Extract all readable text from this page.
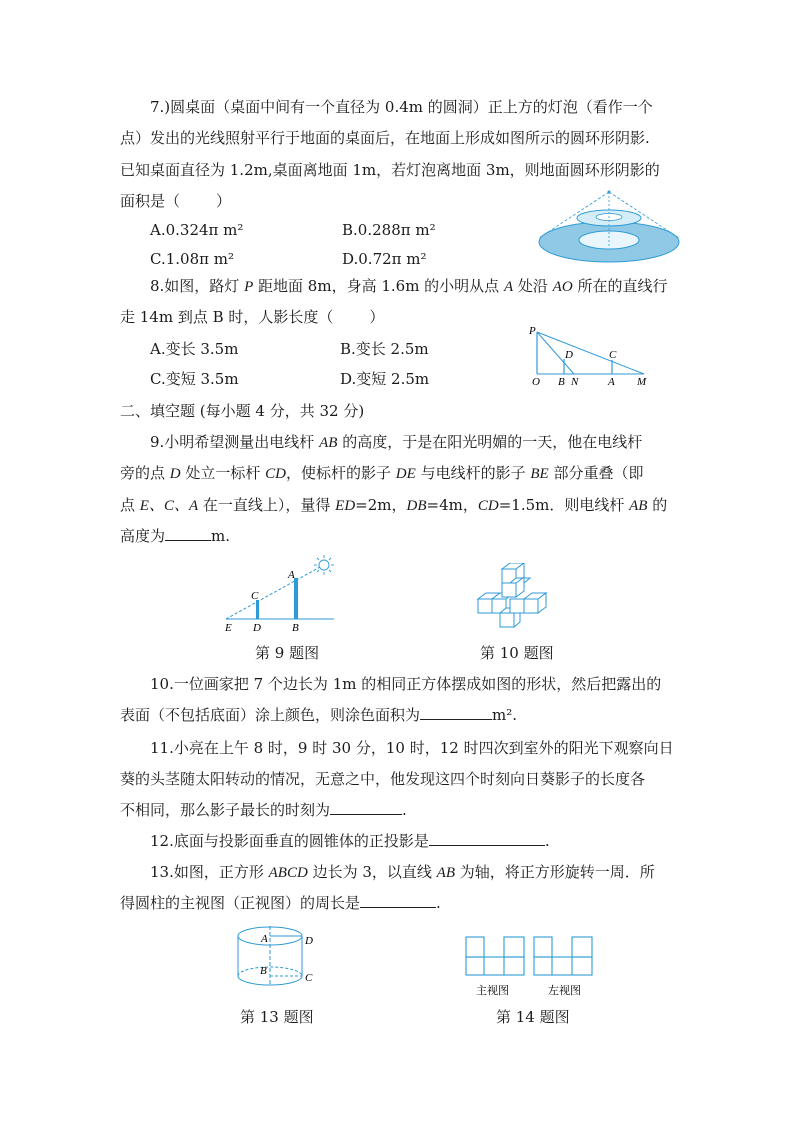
7.)圆桌面（桌面中间有一个直径为 0.4m 的圆洞）正上方的灯泡（看作一个
点）发出的光线照射平行于地面的桌面后，在地面上形成如图所示的圆环形阴影.
已知桌面直径为 1.2m,桌面离地面 1m，若灯泡离地面 3m，则地面圆环形阴影的
面积是（ ）
A.0.324π m²	B.0.288π m²
C.1.08π m²	D.0.72π m²
8.如图，路灯 P 距地面 8m，身高 1.6m 的小明从点 A 处沿 AO 所在的直线行
走 14m 到点 B 时，人影长度（ ）
A.变长 3.5m	B.变长 2.5m
C.变短 3.5m	D.变短 2.5m
P
D	C
O B N	A M
二、填空题 (每小题 4 分，共 32 分)
9.小明希望测量出电线杆 AB 的高度，于是在阳光明媚的一天，他在电线杆
旁的点 D 处立一标杆 CD，使标杆的影子 DE 与电线杆的影子 BE 部分重叠（即
点 E、C、A 在一直线上），量得 ED=2m，DB=4m，CD=1.5m．则电线杆 AB 的
高度为	m.
A
C
E D	B
第 9 题图	第 10 题图
10.一位画家把 7 个边长为 1m 的相同正方体摆成如图的形状，然后把露出的
表面（不包括底面）涂上颜色，则涂色面积为	m².
11.小亮在上午 8 时，9 时 30 分，10 时，12 时四次到室外的阳光下观察向日
葵的头茎随太阳转动的情况，无意之中，他发现这四个时刻向日葵影子的长度各
不相同，那么影子最长的时刻为	.
12.底面与投影面垂直的圆锥体的正投影是	.
13.如图，正方形 ABCD 边长为 3，以直线 AB 为轴，将正方形旋转一周．所
得圆柱的主视图（正视图）的周长是	.
A	D
B
C
第 13 题图
主视图	左视图
第 14 题图
